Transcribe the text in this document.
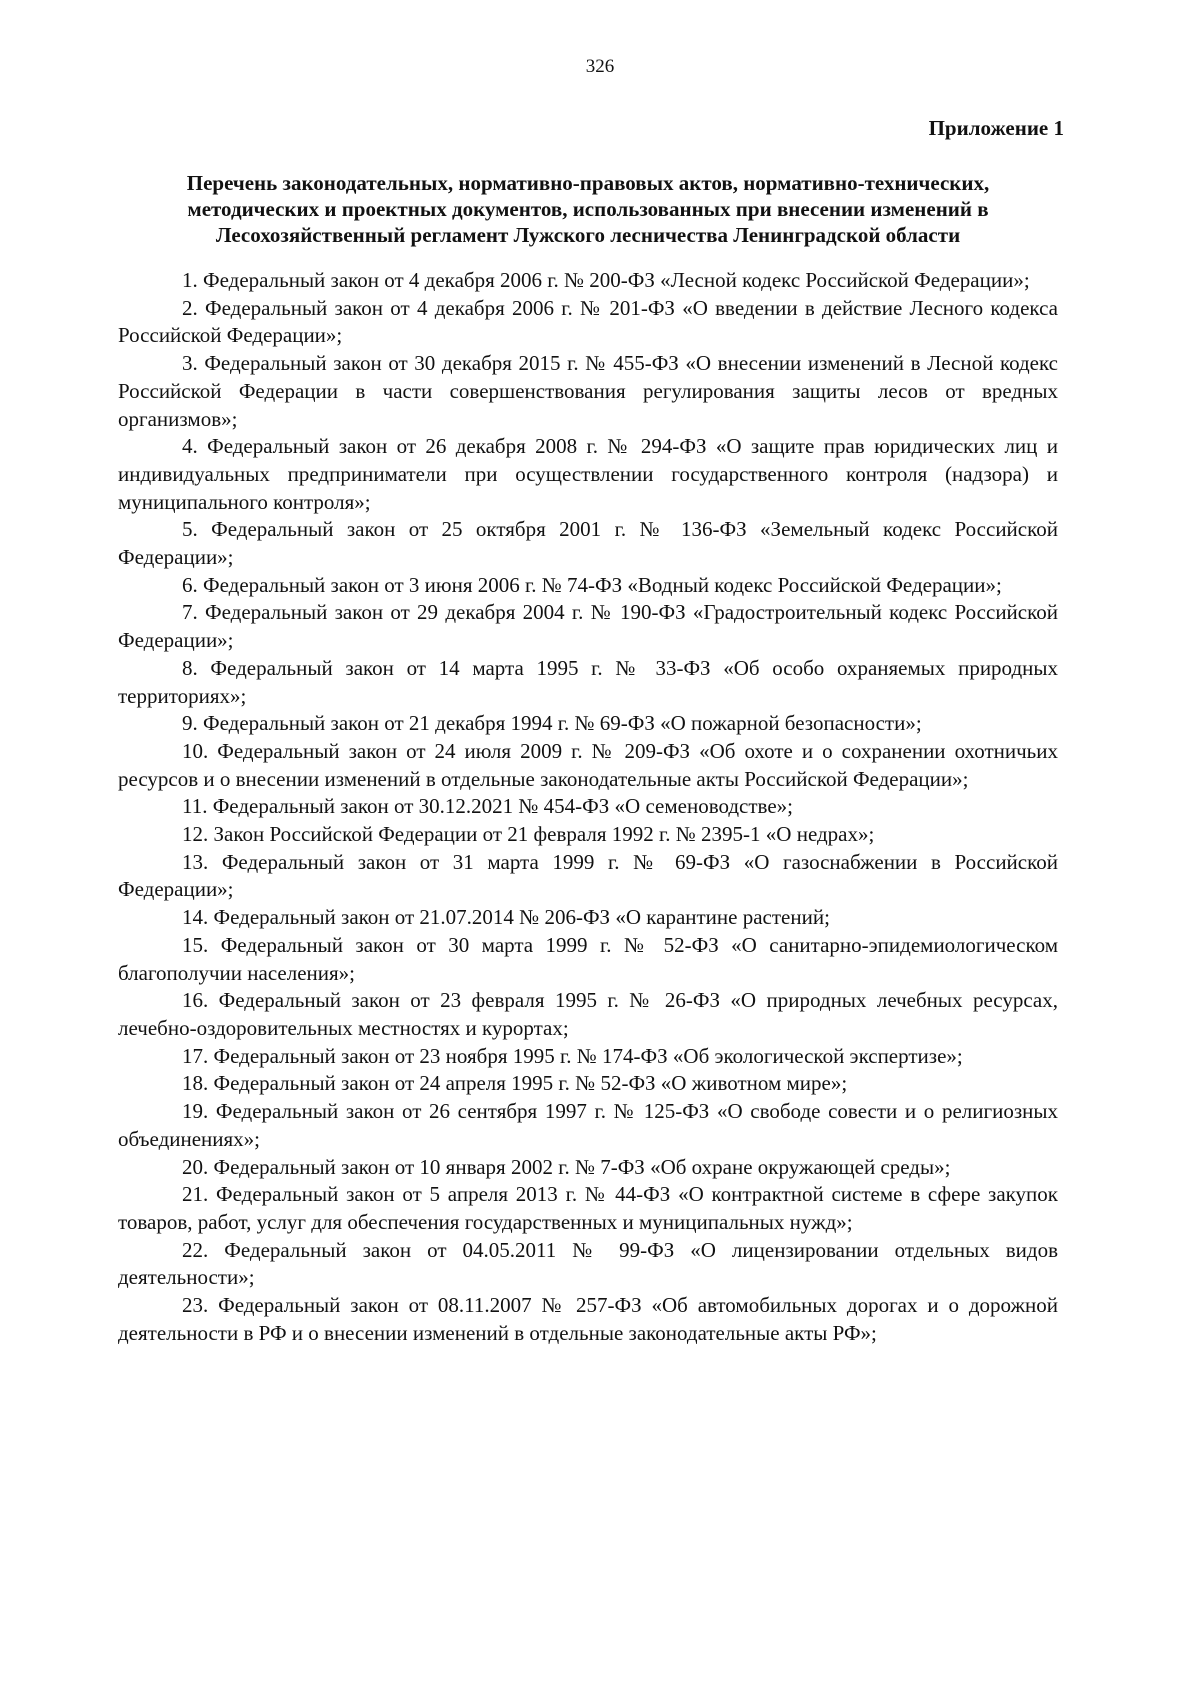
326
Приложение 1
Перечень законодательных, нормативно-правовых актов, нормативно-технических,
методических и проектных документов, использованных при внесении изменений в
Лесохозяйственный регламент Лужского лесничества Ленинградской области
1. Федеральный закон от 4 декабря 2006 г. № 200-ФЗ «Лесной кодекс Российской Федерации»;
2. Федеральный закон от 4 декабря 2006 г. № 201-ФЗ «О введении в действие Лесного кодекса Российской Федерации»;
3. Федеральный закон от 30 декабря 2015 г. № 455-ФЗ «О внесении изменений в Лесной кодекс Российской Федерации в части совершенствования регулирования защиты лесов от вредных организмов»;
4. Федеральный закон от 26 декабря 2008 г. № 294-ФЗ «О защите прав юридических лиц и индивидуальных предприниматели при осуществлении государственного контроля (надзора) и муниципального контроля»;
5. Федеральный закон от 25 октября 2001 г. № 136-ФЗ «Земельный кодекс Российской Федерации»;
6. Федеральный закон от 3 июня 2006 г. № 74-ФЗ «Водный кодекс Российской Федерации»;
7. Федеральный закон от 29 декабря 2004 г. № 190-ФЗ «Градостроительный кодекс Российской Федерации»;
8. Федеральный закон от 14 марта 1995 г. № 33-ФЗ «Об особо охраняемых природных территориях»;
9. Федеральный закон от 21 декабря 1994 г. № 69-ФЗ «О пожарной безопасности»;
10. Федеральный закон от 24 июля 2009 г. № 209-ФЗ «Об охоте и о сохранении охотничьих ресурсов и о внесении изменений в отдельные законодательные акты Российской Федерации»;
11. Федеральный закон от 30.12.2021 № 454-ФЗ «О семеноводстве»;
12. Закон Российской Федерации от 21 февраля 1992 г. № 2395-1 «О недрах»;
13. Федеральный закон от 31 марта 1999 г. № 69-ФЗ «О газоснабжении в Российской Федерации»;
14. Федеральный закон от 21.07.2014 № 206-ФЗ «О карантине растений;
15. Федеральный закон от 30 марта 1999 г. № 52-ФЗ «О санитарно-эпидемиологическом благополучии населения»;
16. Федеральный закон от 23 февраля 1995 г. № 26-ФЗ «О природных лечебных ресурсах, лечебно-оздоровительных местностях и курортах;
17. Федеральный закон от 23 ноября 1995 г. № 174-ФЗ «Об экологической экспертизе»;
18. Федеральный закон от 24 апреля 1995 г. № 52-ФЗ «О животном мире»;
19. Федеральный закон от 26 сентября 1997 г. № 125-ФЗ «О свободе совести и о религиозных объединениях»;
20. Федеральный закон от 10 января 2002 г. № 7-ФЗ «Об охране окружающей среды»;
21. Федеральный закон от 5 апреля 2013 г. № 44-ФЗ «О контрактной системе в сфере закупок товаров, работ, услуг для обеспечения государственных и муниципальных нужд»;
22. Федеральный закон от 04.05.2011 № 99-ФЗ «О лицензировании отдельных видов деятельности»;
23. Федеральный закон от 08.11.2007 № 257-ФЗ «Об автомобильных дорогах и о дорожной деятельности в РФ и о внесении изменений в отдельные законодательные акты РФ»;
